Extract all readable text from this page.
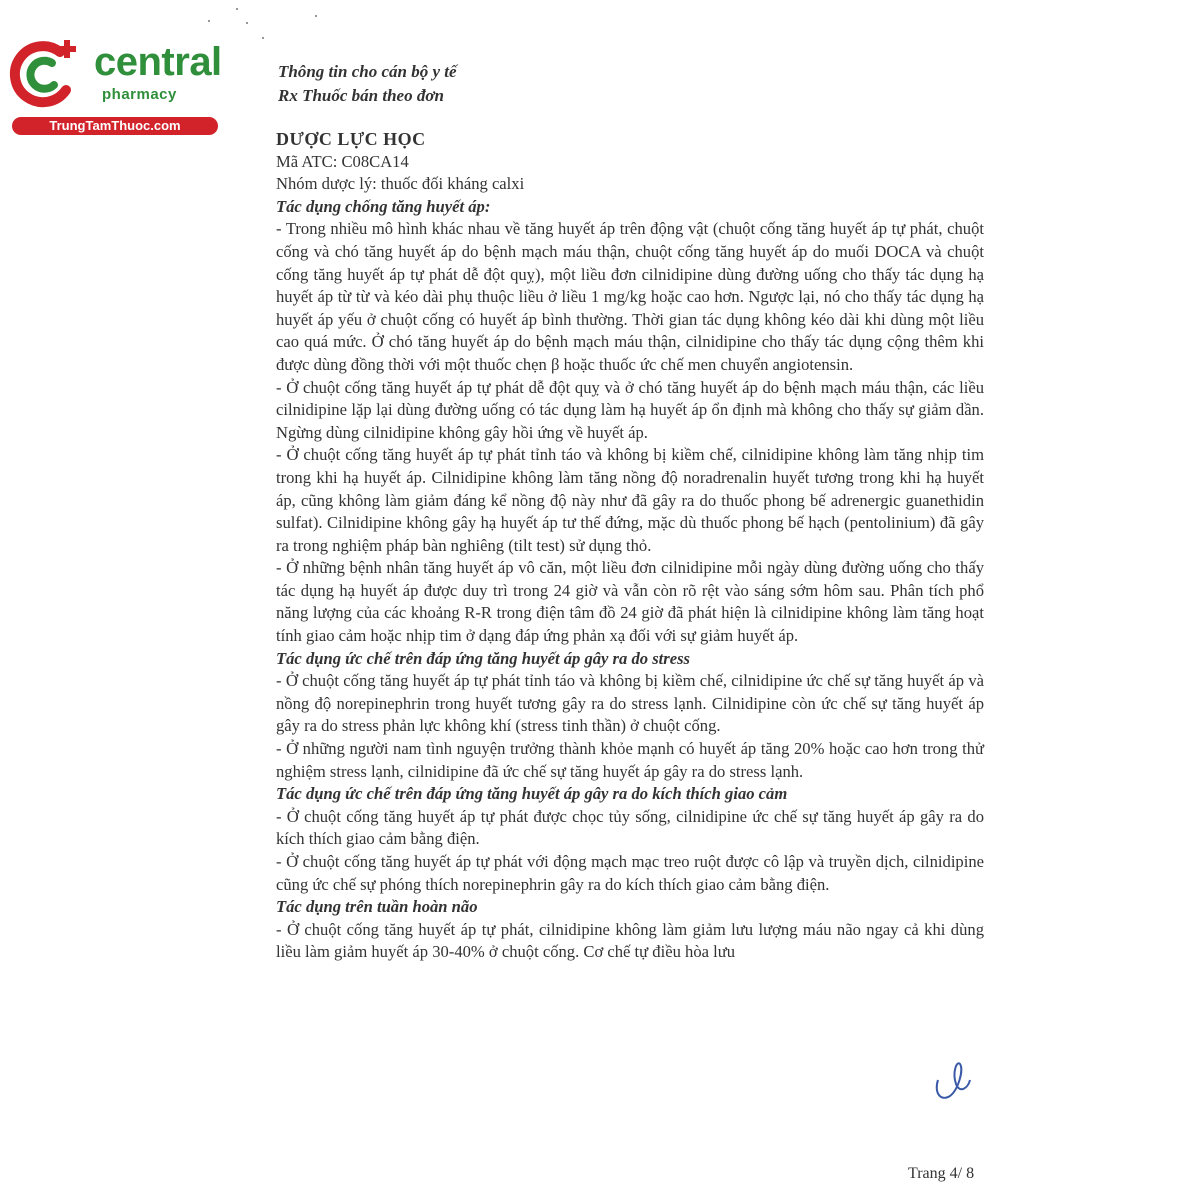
central
pharmacy
TrungTamThuoc.com
Thông tin cho cán bộ y tế
Rx Thuốc bán theo đơn

DƯỢC LỰC HỌC

Mã ATC: C08CA14

Nhóm dược lý: thuốc đối kháng calxi

Tác dụng chống tăng huyết áp:

- Trong nhiều mô hình khác nhau về tăng huyết áp trên động vật (chuột cống tăng huyết áp tự phát, chuột cống và chó tăng huyết áp do bệnh mạch máu thận, chuột cống tăng huyết áp do muối DOCA và chuột cống tăng huyết áp tự phát dễ đột quỵ), một liều đơn cilnidipine dùng đường uống cho thấy tác dụng hạ huyết áp từ từ và kéo dài phụ thuộc liều ở liều 1 mg/kg hoặc cao hơn. Ngược lại, nó cho thấy tác dụng hạ huyết áp yếu ở chuột cống có huyết áp bình thường. Thời gian tác dụng không kéo dài khi dùng một liều cao quá mức. Ở chó tăng huyết áp do bệnh mạch máu thận, cilnidipine cho thấy tác dụng cộng thêm khi được dùng đồng thời với một thuốc chẹn β hoặc thuốc ức chế men chuyển angiotensin.

- Ở chuột cống tăng huyết áp tự phát dễ đột quỵ và ở chó tăng huyết áp do bệnh mạch máu thận, các liều cilnidipine lặp lại dùng đường uống có tác dụng làm hạ huyết áp ổn định mà không cho thấy sự giảm dần. Ngừng dùng cilnidipine không gây hồi ứng về huyết áp.

- Ở chuột cống tăng huyết áp tự phát tỉnh táo và không bị kiềm chế, cilnidipine không làm tăng nhịp tim trong khi hạ huyết áp. Cilnidipine không làm tăng nồng độ noradrenalin huyết tương trong khi hạ huyết áp, cũng không làm giảm đáng kể nồng độ này như đã gây ra do thuốc phong bế adrenergic guanethidin sulfat). Cilnidipine không gây hạ huyết áp tư thế đứng, mặc dù thuốc phong bế hạch (pentolinium) đã gây ra trong nghiệm pháp bàn nghiêng (tilt test) sử dụng thỏ.

- Ở những bệnh nhân tăng huyết áp vô căn, một liều đơn cilnidipine mỗi ngày dùng đường uống cho thấy tác dụng hạ huyết áp được duy trì trong 24 giờ và vẫn còn rõ rệt vào sáng sớm hôm sau. Phân tích phổ năng lượng của các khoảng R-R trong điện tâm đồ 24 giờ đã phát hiện là cilnidipine không làm tăng hoạt tính giao cảm hoặc nhịp tim ở dạng đáp ứng phản xạ đối với sự giảm huyết áp.

Tác dụng ức chế trên đáp ứng tăng huyết áp gây ra do stress

- Ở chuột cống tăng huyết áp tự phát tỉnh táo và không bị kiềm chế, cilnidipine ức chế sự tăng huyết áp và nồng độ norepinephrin trong huyết tương gây ra do stress lạnh. Cilnidipine còn ức chế sự tăng huyết áp gây ra do stress phản lực không khí (stress tinh thần) ở chuột cống.

- Ở những người nam tình nguyện trưởng thành khỏe mạnh có huyết áp tăng 20% hoặc cao hơn trong thử nghiệm stress lạnh, cilnidipine đã ức chế sự tăng huyết áp gây ra do stress lạnh.

Tác dụng ức chế trên đáp ứng tăng huyết áp gây ra do kích thích giao cảm

- Ở chuột cống tăng huyết áp tự phát được chọc tủy sống, cilnidipine ức chế sự tăng huyết áp gây ra do kích thích giao cảm bằng điện.

- Ở chuột cống tăng huyết áp tự phát với động mạch mạc treo ruột được cô lập và truyền dịch, cilnidipine cũng ức chế sự phóng thích norepinephrin gây ra do kích thích giao cảm bằng điện.

Tác dụng trên tuần hoàn não

- Ở chuột cống tăng huyết áp tự phát, cilnidipine không làm giảm lưu lượng máu não ngay cả khi dùng liều làm giảm huyết áp 30-40% ở chuột cống. Cơ chế tự điều hòa lưu

Trang 4/ 8
